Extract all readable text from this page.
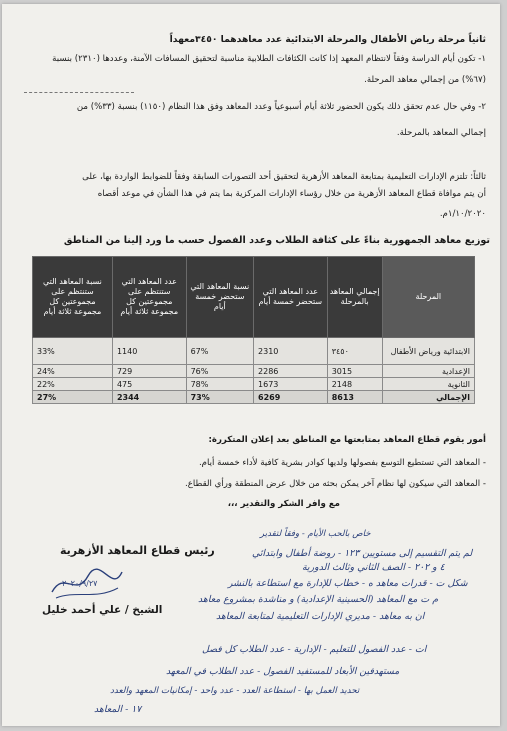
ثانياً مرحلة رياض الأطفال والمرحلة الابتدائية عدد معاهدهما ٣٤٥٠معهداً
١- تكون أيام الدراسة وفقاً لانتظام المعهد إذا كانت الكثافات الطلابية مناسبة لتحقيق المسافات الآمنة، وعددها (٢٣١٠) بنسبة
(٦٧%) من إجمالي معاهد المرحلة.
٢- وفي حال عدم تحقق ذلك يكون الحضور ثلاثة أيام أسبوعياً وعدد المعاهد وفق هذا النظام (١١٥٠) بنسبة (٣٣%) من
إجمالي المعاهد بالمرحلة.
ثالثاً: تلتزم الإدارات التعليمية بمتابعة المعاهد الأزهرية لتحقيق أحد التصورات السابقة وفقاً للضوابط الواردة بها، على
أن يتم موافاة قطاع المعاهد الأزهرية من خلال رؤساء الإدارات المركزية بما يتم في هذا الشأن في موعد أقصاه
١/١٠/٢٠٢٠م.
توزيع معاهد الجمهورية بناءً على كثافة الطلاب وعدد الفصول حسب ما ورد إلينا من المناطق
المرحلة	إجمالي المعاهد بالمرحلة	عدد المعاهد التي ستحضر خمسة أيام	نسبة المعاهد التي ستحضر خمسة أيام	عدد المعاهد التي ستنتظم على مجموعتين كل مجموعة ثلاثة أيام	نسبة المعاهد التي ستنتظم على مجموعتين كل مجموعة ثلاثة أيام
الابتدائية ورياض الأطفال	٣٤٥٠	2310	67%	1140	33%
الإعدادية	3015	2286	76%	729	24%
الثانوية	2148	1673	78%	475	22%
الإجمالي	8613	6269	73%	2344	27%
أمور يقوم قطاع المعاهد بمتابعتها مع المناطق بعد إعلان المتكررة:
- المعاهد التي تستطيع التوسع بفصولها ولديها كوادر بشرية كافية لأداء خمسة أيام.
- المعاهد التي سيكون لها نظام آخر يمكن بحثه من خلال عرض المنطقة ورأي القطاع.
مع وافر الشكر والتقدير ،،،
رئيس قطاع المعاهد الأزهرية
٢٠٢٠/٩/٢٧
الشيخ / علي أحمد خليل
خاص بالحب الأيام - وفقاً لتقدير
لم يتم التقسيم إلى مستويين ١٢٣ - روضة أطفال وابتدائي
٤ و ٢٠٢ - الصف الثاني وثالث الدورية
شكل ت - قدرات معاهد ه - خطاب للإدارة مع استطاعة بالنشر
م ت مع المعاهد (الحسينية الإعدادية) و مناشدة بمشروع معاهد
ان به معاهد - مديري الإدارات التعليمية لمتابعة المعاهد
ات - عدد الفصول للتعليم - الإدارية - عدد الطلاب كل فصل
مستهدفين الأبعاد للمستفيد الفصول - عدد الطلاب في المعهد
تحديد العمل بها - استطاعة العدد - عدد واحد - إمكانيات المعهد والعدد
١٧ - المعاهد
